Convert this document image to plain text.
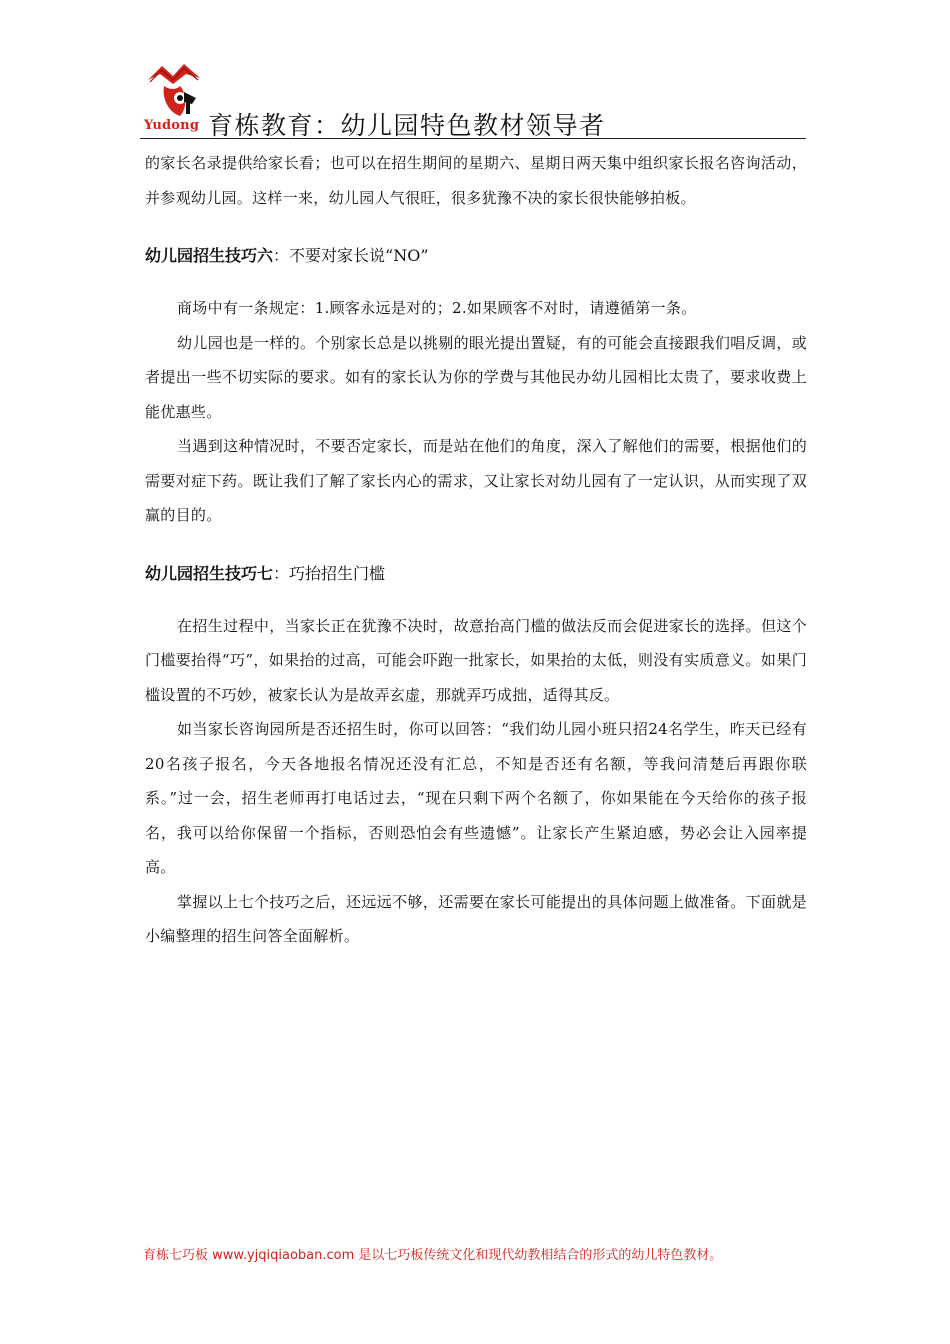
Yudong 育栋教育：幼儿园特色教材领导者

的家长名录提供给家长看；也可以在招生期间的星期六、星期日两天集中组织家长报名咨询活动，并参观幼儿园。这样一来，幼儿园人气很旺，很多犹豫不决的家长很快能够拍板。

幼儿园招生技巧六：不要对家长说“NO”

商场中有一条规定：1.顾客永远是对的；2.如果顾客不对时，请遵循第一条。

幼儿园也是一样的。个别家长总是以挑剔的眼光提出置疑，有的可能会直接跟我们唱反调，或者提出一些不切实际的要求。如有的家长认为你的学费与其他民办幼儿园相比太贵了，要求收费上能优惠些。

当遇到这种情况时，不要否定家长，而是站在他们的角度，深入了解他们的需要，根据他们的需要对症下药。既让我们了解了家长内心的需求，又让家长对幼儿园有了一定认识，从而实现了双赢的目的。

幼儿园招生技巧七：巧抬招生门槛

在招生过程中，当家长正在犹豫不决时，故意抬高门槛的做法反而会促进家长的选择。但这个门槛要抬得“巧”，如果抬的过高，可能会吓跑一批家长，如果抬的太低，则没有实质意义。如果门槛设置的不巧妙，被家长认为是故弄玄虚，那就弄巧成拙，适得其反。

如当家长咨询园所是否还招生时，你可以回答：“我们幼儿园小班只招24名学生，昨天已经有20名孩子报名，今天各地报名情况还没有汇总，不知是否还有名额，等我问清楚后再跟你联系。”过一会，招生老师再打电话过去，“现在只剩下两个名额了，你如果能在今天给你的孩子报名，我可以给你保留一个指标，否则恐怕会有些遗憾”。让家长产生紧迫感，势必会让入园率提高。

掌握以上七个技巧之后，还远远不够，还需要在家长可能提出的具体问题上做准备。下面就是小编整理的招生问答全面解析。

育栋七巧板 www.yjqiqiaoban.com 是以七巧板传统文化和现代幼教相结合的形式的幼儿特色教材。
